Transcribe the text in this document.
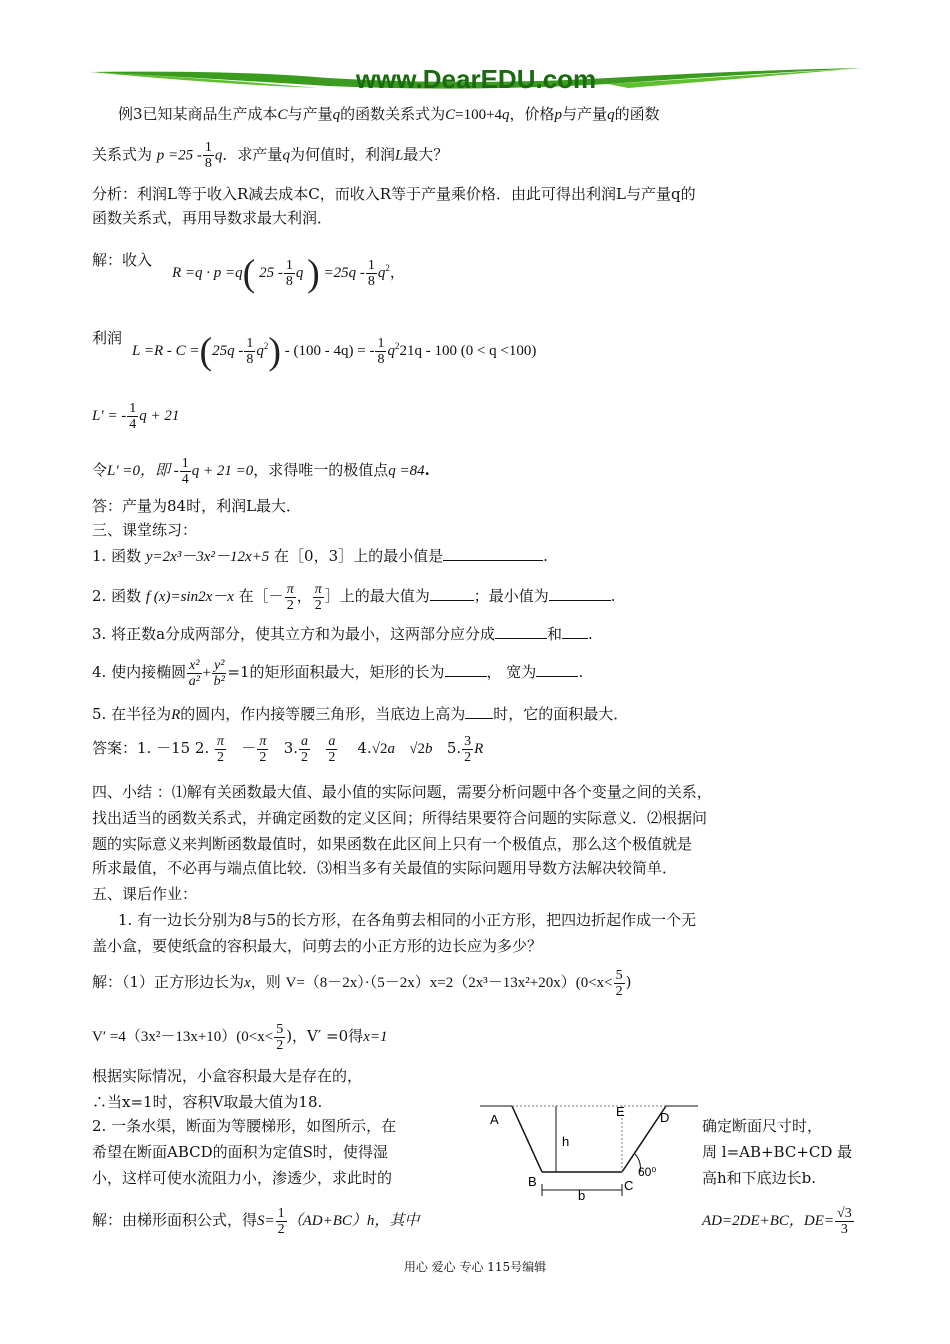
www.DearEDU.com
例3已知某商品生产成本C与产量q的函数关系式为C=100+4q，价格p与产量q的函数
关系式为 $p =25 - \frac{1}{8}$ q．求产量q为何值时，利润L最大？
分析：利润L等于收入R减去成本C，而收入R等于产量乘价格．由此可得出利润L与产量q的
函数关系式，再用导数求最大利润．
解：收入
R =q · p =q( $25 - \frac{1}{8}$ q ) $=25q - \frac{1}{8} q^2$，
利润
$L =R - C =(25q - \frac{1}{8} q^2) - (100 - 4q)$ = - $\frac{1}{8} q^221q - 100$ (0 < q <100)
L′ = - $\frac{1}{4}$ q + 21
令L′ =0，即 - $\frac{1}{4}$ q + 21 =0，求得唯一的极值点q =84.
答：产量为84时，利润L最大．
三、课堂练习：
1. 函数 y=2x³－3x²－12x+5 在［0，3］上的最小值是	.
2. 函数 f (x)=sin2x－x 在［－ $\frac{\pi}{2}$ ， $\frac{\pi}{2}$ ］上的最大值为	；最小值为	.
3. 将正数a分成两部分，使其立方和为最小，这两部分应分成	和 .
4. 使内接椭圆 $\frac{\text{x²}}{\text{a²}} + \frac{\text{y²}}{\text{b²}} =1$的矩形面积最大，矩形的长为	， 宽为	.
5. 在半径为R的圆内，作内接等腰三角形，当底边上高为 时，它的面积最大．
答案：1. －15 2. $\frac{\pi}{2} - \frac{\pi}{2} 3$. $\frac{a}{2}$
$\frac{a}{2} 4.√2a$ √2b 5. $\frac{3}{2}$ R
四、小结 ：⑴解有关函数最大值、最小值的实际问题，需要分析问题中各个变量之间的关系，
找出适当的函数关系式，并确定函数的定义区间；所得结果要符合问题的实际意义．⑵根据问
题的实际意义来判断函数最值时，如果函数在此区间上只有一个极值点，那么这个极值就是
所求最值，不必再与端点值比较．⑶相当多有关最值的实际问题用导数方法解决较简单．
五、课后作业：
1. 有一边长分别为8与5的长方形，在各角剪去相同的小正方形，把四边折起作成一个无
盖小盒，要使纸盒的容积最大，问剪去的小正方形的边长应为多少？
解：（1）正方形边长为x，则 $V=(8-2x)\cdot(5-2x)x=2(2x^3-13x^2+20x)(0<x< \frac{5}{2}$ )
$V' =4(3x^2-13x+10)(0<x< \frac{5}{2}$ )，V′ =0得x=1
根据实际情况，小盒容积最大是存在的，
∴当x=1时，容积V取最大值为18.
2. 一条水渠，断面为等腰梯形，如图所示，在
希望在断面ABCD的面积为定值S时，使得湿
小，这样可使水流阻力小，渗透少，求此时的
确定断面尺寸时，
周 l=AB+BC+CD 最
高h和下底边长b.
解：由梯形面积公式，得$S= \frac{1}{2} (AD+BC)h$，其中	AD=2DE+BC，$DE= \frac{√3}{3}$
A
B	C
D
E
h
b
60⁰
用心 爱心 专心 115号编辑
